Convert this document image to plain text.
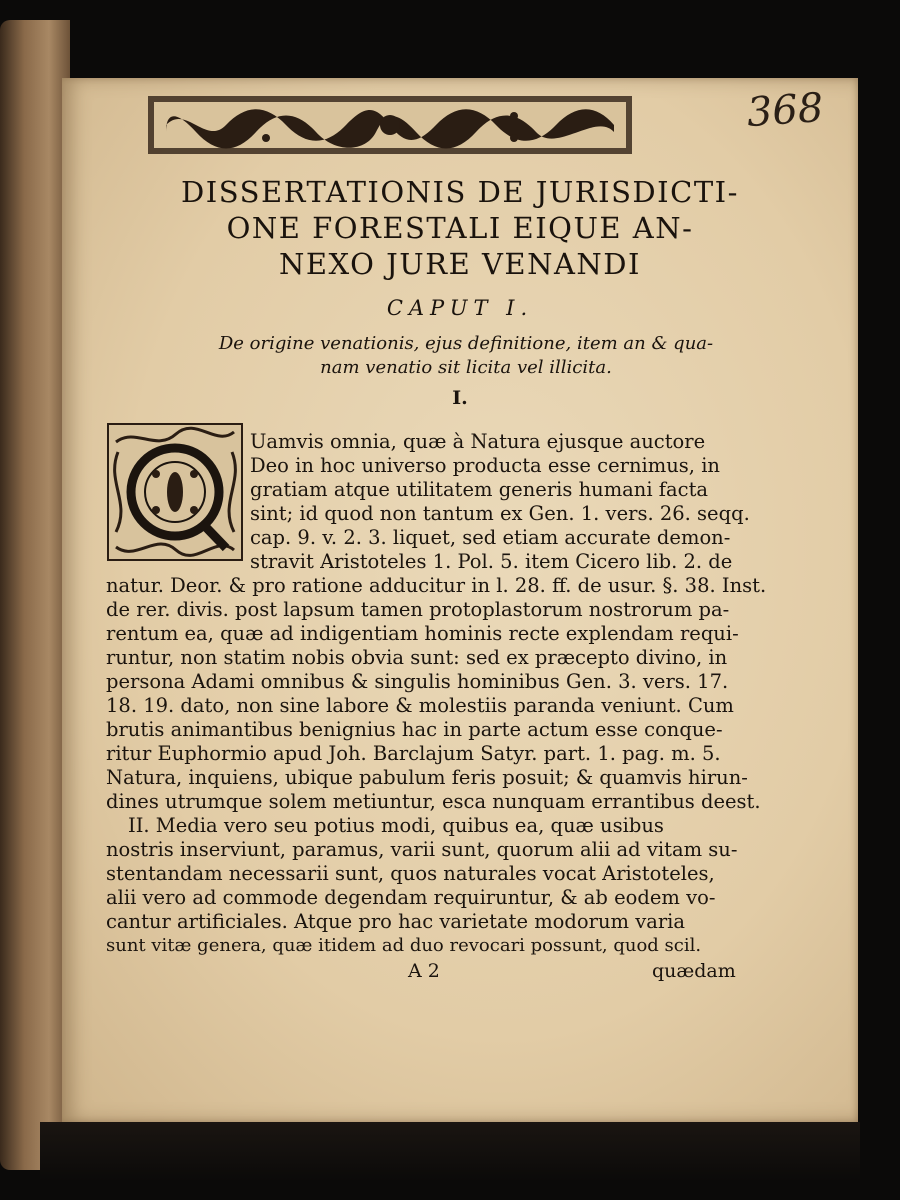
368
DISSERTATIONIS DE JURISDICTI-
ONE FORESTALI EIQUE AN-
NEXO JURE VENANDI
CAPUT I.
De origine venationis, ejus definitione, item an & qua-
nam venatio sit licita vel illicita.
I.
Uamvis omnia, quæ à Natura ejusque auctore
Deo in hoc universo producta esse cernimus, in
gratiam atque utilitatem generis humani facta
sint; id quod non tantum ex Gen. 1. vers. 26. seqq.
cap. 9. v. 2. 3. liquet, sed etiam accurate demon-
stravit Aristoteles 1. Pol. 5. item Cicero lib. 2. de
natur. Deor. & pro ratione adducitur in l. 28. ff. de usur. §. 38. Inst.
de rer. divis. post lapsum tamen protoplastorum nostrorum pa-
rentum ea, quæ ad indigentiam hominis recte explendam requi-
runtur, non statim nobis obvia sunt: sed ex præcepto divino, in
persona Adami omnibus & singulis hominibus Gen. 3. vers. 17.
18. 19. dato, non sine labore & molestiis paranda veniunt. Cum
brutis animantibus benignius hac in parte actum esse conque-
ritur Euphormio apud Joh. Barclajum Satyr. part. 1. pag. m. 5.
Natura, inquiens, ubique pabulum feris posuit; & quamvis hirun-
dines utrumque solem metiuntur, esca nunquam errantibus deest.
II. Media vero seu potius modi, quibus ea, quæ usibus
nostris inserviunt, paramus, varii sunt, quorum alii ad vitam su-
stentandam necessarii sunt, quos naturales vocat Aristoteles,
alii vero ad commode degendam requiruntur, & ab eodem vo-
cantur artificiales. Atque pro hac varietate modorum varia
sunt vitæ genera, quæ itidem ad duo revocari possunt, quod scil.
A 2	quædam
